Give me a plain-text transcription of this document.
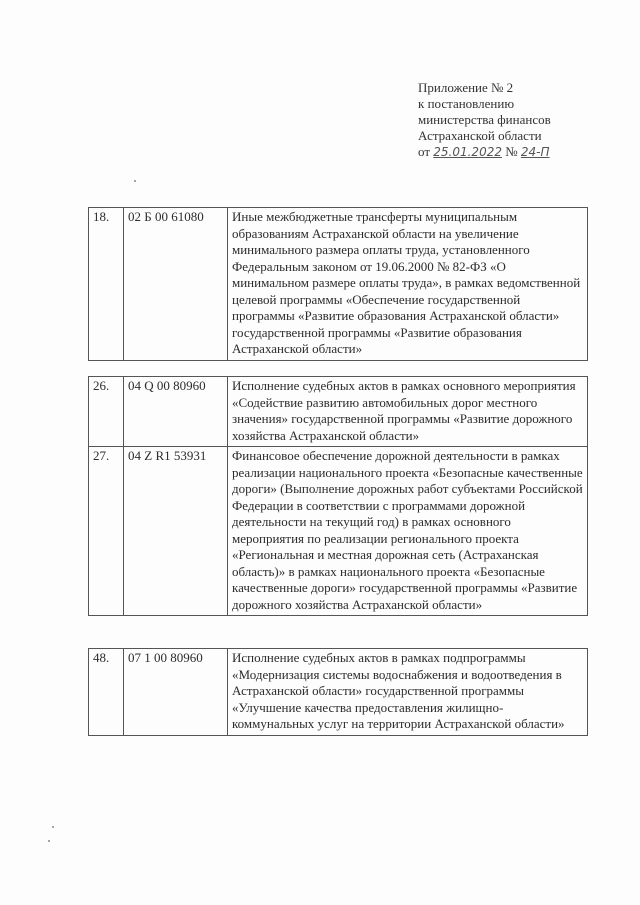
Приложение № 2
к постановлению
министерства финансов
Астраханской области
от 25.01.2022 № 24-П
18.	02 Б 00 61080	Иные межбюджетные трансферты муниципальным образованиям Астраханской области на увеличение минимального размера оплаты труда, установленного Федеральным законом от 19.06.2000 № 82-ФЗ «О минимальном размере оплаты труда», в рамках ведомственной целевой программы «Обеспечение государственной программы «Развитие образования Астраханской области» государственной программы «Развитие образования Астраханской области»
26.	04 Q 00 80960	Исполнение судебных актов в рамках основного мероприятия «Содействие развитию автомобильных дорог местного значения» государственной программы «Развитие дорожного хозяйства Астраханской области»
27.	04 Z R1 53931	Финансовое обеспечение дорожной деятельности в рамках реализации национального проекта «Безопасные качественные дороги» (Выполнение дорожных работ субъектами Российской Федерации в соответствии с программами дорожной деятельности на текущий год) в рамках основного мероприятия по реализации регионального проекта «Региональная и местная дорожная сеть (Астраханская область)» в рамках национального проекта «Безопасные качественные дороги» государственной программы «Развитие дорожного хозяйства Астраханской области»
48.	07 1 00 80960	Исполнение судебных актов в рамках подпрограммы «Модернизация системы водоснабжения и водоотведения в Астраханской области» государственной программы «Улучшение качества предоставления жилищно-коммунальных услуг на территории Астраханской области»
